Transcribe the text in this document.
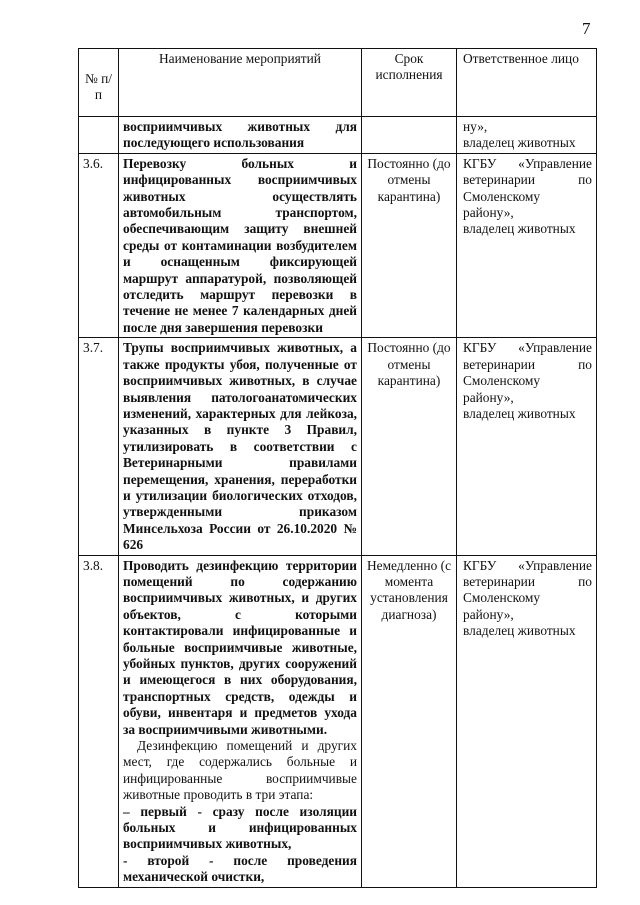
7
№ п/п	Наименование мероприятий	Срок исполнения	Ответственное лицо

	восприимчивых животных для последующего использования		ну»,
владелец животных

3.6.	Перевозку больных и инфицированных восприимчивых животных осуществлять автомобильным транспортом, обеспечивающим защиту внешней среды от контаминации возбудителем и оснащенным фиксирующей маршрут аппаратурой, позволяющей отследить маршрут перевозки в течение не менее 7 календарных дней после дня завершения перевозки	Постоянно (до отмены карантина)	КГБУ «Управление ветеринарии по Смоленскому району»,
владелец животных

3.7.	Трупы восприимчивых животных, а также продукты убоя, полученные от восприимчивых животных, в случае выявления патологоанатомических изменений, характерных для лейкоза, указанных в пункте 3 Правил, утилизировать в соответствии с Ветеринарными правилами перемещения, хранения, переработки и утилизации биологических отходов, утвержденными приказом Минсельхоза России от 26.10.2020 № 626	Постоянно (до отмены карантина)	КГБУ «Управление ветеринарии по Смоленскому району»,
владелец животных

3.8.	Проводить дезинфекцию территории помещений по содержанию восприимчивых животных, и других объектов, с которыми контактировали инфицированные и больные восприимчивые животные, убойных пунктов, других сооружений и имеющегося в них оборудования, транспортных средств, одежды и обуви, инвентаря и предметов ухода за восприимчивыми животными.
Дезинфекцию помещений и других мест, где содержались больные и инфицированные восприимчивые животные проводить в три этапа:
– первый - сразу после изоляции больных и инфицированных восприимчивых животных,
- второй - после проведения механической очистки,	Немедленно (с момента установления диагноза)	КГБУ «Управление ветеринарии по Смоленскому району»,
владелец животных
